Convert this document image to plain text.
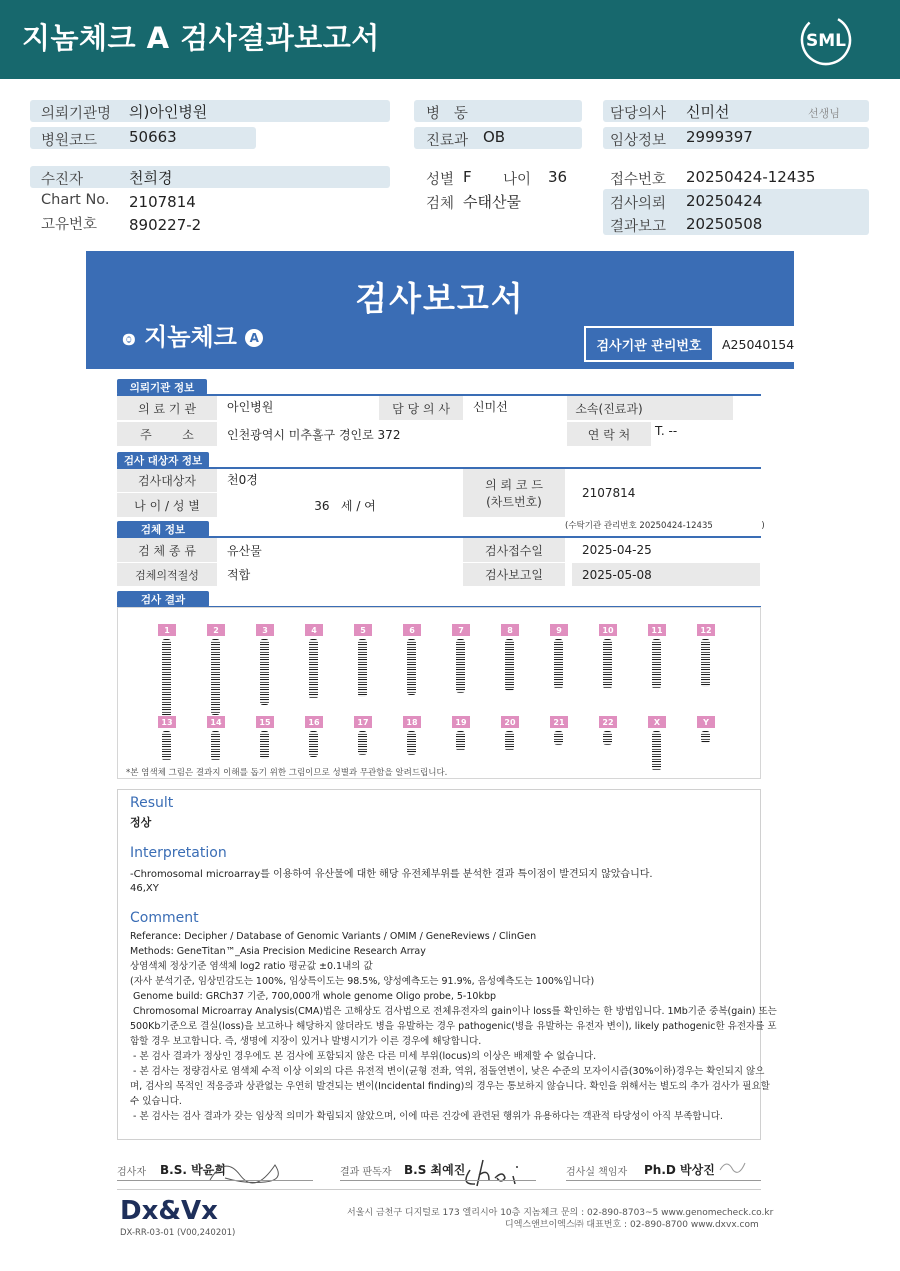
지놈체크 A 검사결과보고서	SML
의뢰기관명 의)아인병원
병원코드 50663
병   동
진료과 OB
담당의사 신미선	선생님
임상정보 2999397
수진자	천희경
Chart No. 2107814
고유번호 890227-2
성별 F 나이 36
검체 수태산물
접수번호 20250424-12435
검사의뢰 20250424
결과보고 20250508
검사보고서
ꙩ 지놈체크 A
검사기관 관리번호	A25040154
의뢰기관 정보
의 료 기 관	아인병원	담 당 의 사	신미선	소속(진료과)
주        소	인천광역시 미추홀구 경인로 372	연 락 처	T. --
검사 대상자 정보
검사대상자	천0경	의 뢰 코 드
(차트번호)
2107814
나 이 / 성 별	36   세 / 여
검체 정보	(수탁기관 관리번호 20250424-12435                  )
검 체 종 류	유산물	검사접수일	2025-04-25
검체의적절성	적합	검사보고일	2025-05-08
검사 결과
1	2	3	4	5	6	7	8	9	10	11	12
13	14	15	16	17	18	19	20	21	22	X	Y
*본 염색체 그림은 결과지 이해를 돕기 위한 그림이므로 성별과 무관함을 알려드립니다.
Result
정상
Interpretation
-Chromosomal microarray를 이용하여 유산물에 대한 해당 유전체부위를 분석한 결과 특이점이 발견되지 않았습니다.
46,XY
Comment
Referance: Decipher / Database of Genomic Variants / OMIM / GeneReviews / ClinGen
Methods: GeneTitan™_Asia Precision Medicine Research Array
상염색체 정상기준 염색체 log2 ratio 평균값 ±0.1내의 값
(자사 분석기준, 임상민감도는 100%, 임상특이도는 98.5%, 양성예측도는 91.9%, 음성예측도는 100%입니다)
Genome build: GRCh37 기준, 700,000개 whole genome Oligo probe, 5-10kbp
Chromosomal Microarray Analysis(CMA)법은 고해상도 검사법으로 전체유전자의 gain이나 loss를 확인하는 한 방법입니다. 1Mb기준 중복(gain) 또는
500Kb기준으로 결실(loss)을 보고하나 해당하지 않더라도 병을 유발하는 경우 pathogenic(병을 유발하는 유전자 변이), likely pathogenic한 유전자를 포
함할 경우 보고합니다. 즉, 생명에 지장이 있거나 발병시기가 이른 경우에 해당합니다.
- 본 검사 결과가 정상인 경우에도 본 검사에 포함되지 않은 다른 미세 부위(locus)의 이상은 배제할 수 없습니다.
- 본 검사는 정량검사로 염색체 수적 이상 이외의 다른 유전적 변이(균형 전좌, 역위, 점돌연변이, 낮은 수준의 모자이시즘(30%이하)경우는 확인되지 않으
며, 검사의 목적인 적응증과 상관없는 우연히 발견되는 변이(Incidental finding)의 경우는 통보하지 않습니다. 확인을 위해서는 별도의 추가 검사가 필요할
수 있습니다.
- 본 검사는 검사 결과가 갖는 임상적 의미가 확립되지 않았으며, 이에 따른 건강에 관련된 행위가 유용하다는 객관적 타당성이 아직 부족합니다.
검사자 B.S. 박윤희	결과 판독자 B.S 최예진	검사실 책임자 Ph.D 박상진
Dx&Vx
DX-RR-03-01 (V00,240201)
서울시 금천구 디지털로 173 엘리시아 10층 지놈체크 문의 : 02-890-8703~5 www.genomecheck.co.kr
디엑스앤브이엑스㈜ 대표번호 : 02-890-8700 www.dxvx.com
